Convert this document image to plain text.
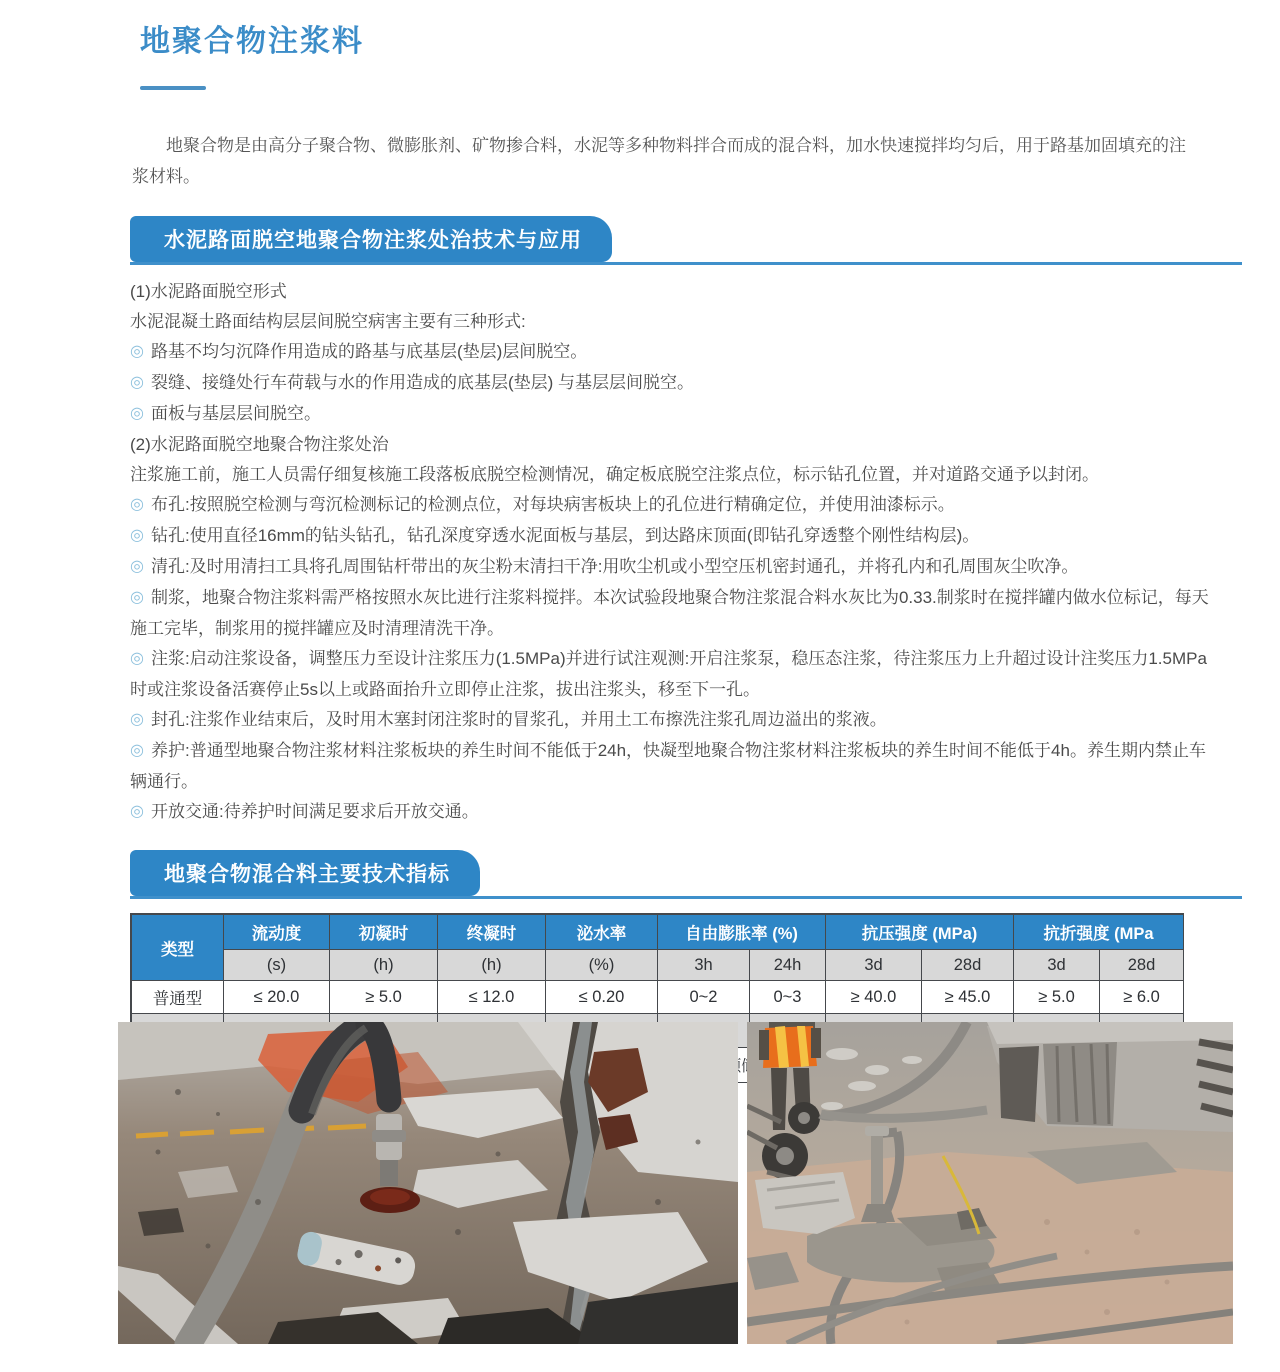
地聚合物注浆料

地聚合物是由高分子聚合物、微膨胀剂、矿物掺合料，水泥等多种物料拌合而成的混合料，加水快速搅拌均匀后，用于路基加固填充的注浆材料。

水泥路面脱空地聚合物注浆处治技术与应用

(1)水泥路面脱空形式

水泥混凝土路面结构层层间脱空病害主要有三种形式:

◎ 路基不均匀沉降作用造成的路基与底基层(垫层)层间脱空。

◎ 裂缝、接缝处行车荷载与水的作用造成的底基层(垫层) 与基层层间脱空。

◎ 面板与基层层间脱空。

(2)水泥路面脱空地聚合物注浆处治

注浆施工前，施工人员需仔细复核施工段落板底脱空检测情况，确定板底脱空注浆点位，标示钻孔位置，并对道路交通予以封闭。

◎ 布孔:按照脱空检测与弯沉检测标记的检测点位，对每块病害板块上的孔位进行精确定位，并使用油漆标示。

◎ 钻孔:使用直径16mm的钻头钻孔，钻孔深度穿透水泥面板与基层，到达路床顶面(即钻孔穿透整个刚性结构层)。

◎ 清孔:及时用清扫工具将孔周围钻杆带出的灰尘粉末清扫干净:用吹尘机或小型空压机密封通孔，并将孔内和孔周围灰尘吹净。

◎ 制浆，地聚合物注浆料需严格按照水灰比进行注浆料搅拌。本次试验段地聚合物注浆混合料水灰比为0.33.制浆时在搅拌罐内做水位标记，每天施工完毕，制浆用的搅拌罐应及时清理清洗干净。

◎ 注浆:启动注浆设备，调整压力至设计注浆压力(1.5MPa)并进行试注观测:开启注浆泵，稳压态注浆，待注浆压力上升超过设计注奖压力1.5MPa时或注浆设备活赛停止5s以上或路面抬升立即停止注浆，拔出注浆头，移至下一孔。

◎ 封孔:注浆作业结束后，及时用木塞封闭注浆时的冒浆孔，并用土工布擦洗注浆孔周边溢出的浆液。

◎ 养护:普通型地聚合物注浆材料注浆板块的养生时间不能低于24h，快凝型地聚合物注浆材料注浆板块的养生时间不能低于4h。养生期内禁止车辆通行。

◎ 开放交通:待养护时间满足要求后开放交通。

地聚合物混合料主要技术指标
类型	流动度	初凝时	终凝时	泌水率	自由膨胀率 (%)		抗压强度 (MPa)		抗折强度 (MPa	
	(s)	(h)	(h)	(%)	3h	24h	3d	28d	3d	28d
普通型	≤ 20.0	≥ 5.0	≤ 12.0	≤ 0.20	0~2	0~3	≥ 40.0	≥ 45.0	≥ 5.0	≥ 6.0
